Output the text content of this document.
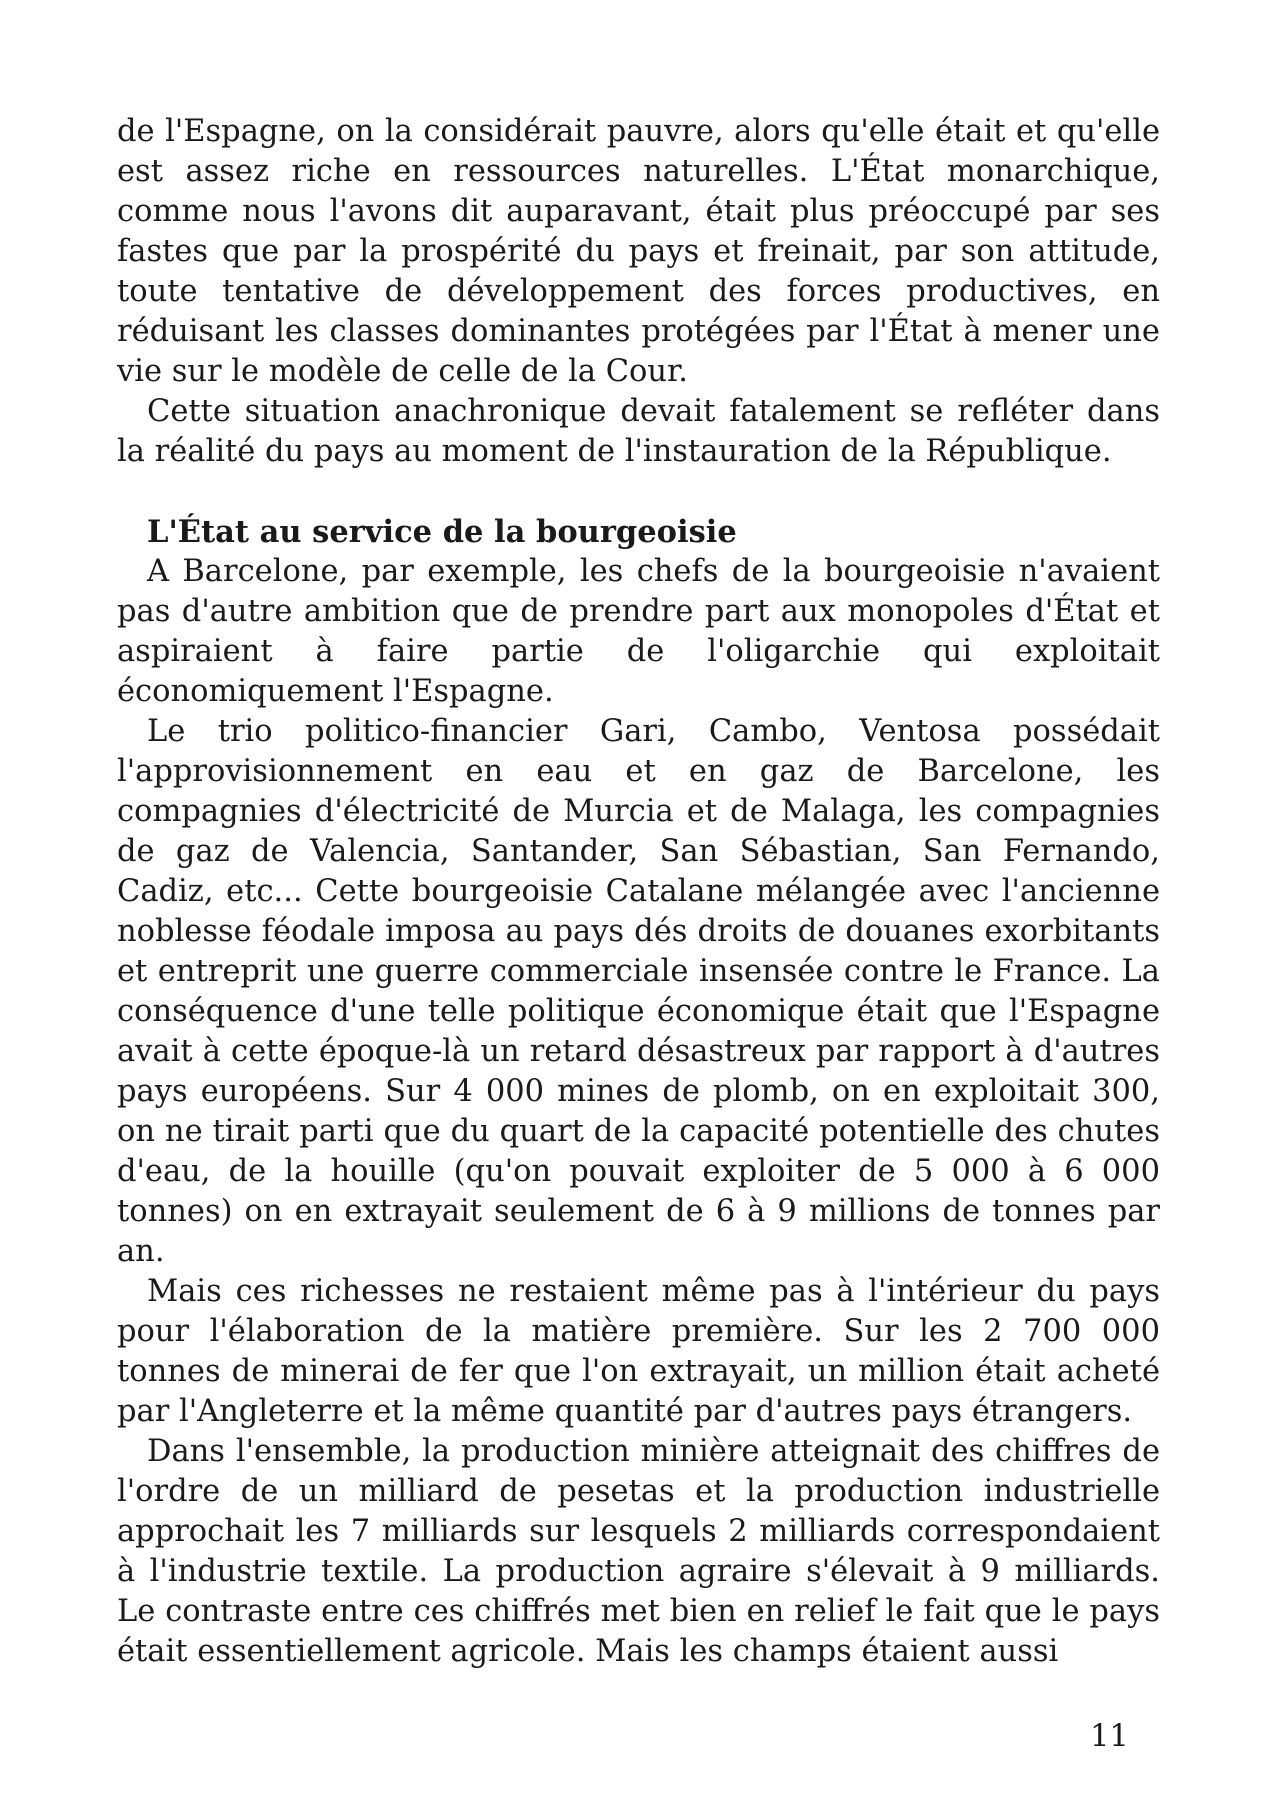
de l'Espagne, on la considérait pauvre, alors qu'elle était et qu'elle est assez riche en ressources naturelles. L'État monarchique, comme nous l'avons dit auparavant, était plus préoccupé par ses fastes que par la prospérité du pays et freinait, par son attitude, toute tentative de développement des forces productives, en réduisant les classes dominantes protégées par l'État à mener une vie sur le modèle de celle de la Cour.

Cette situation anachronique devait fatalement se refléter dans la réalité du pays au moment de l'instauration de la République.

L'État au service de la bourgeoisie

A Barcelone, par exemple, les chefs de la bourgeoisie n'avaient pas d'autre ambition que de prendre part aux monopoles d'État et aspiraient à faire partie de l'oligarchie qui exploitait économiquement l'Espagne.

Le trio politico-financier Gari, Cambo, Ventosa possédait l'approvisionnement en eau et en gaz de Barcelone, les compagnies d'électricité de Murcia et de Malaga, les compagnies de gaz de Valencia, Santander, San Sébastian, San Fernando, Cadiz, etc... Cette bourgeoisie Catalane mélangée avec l'ancienne noblesse féodale imposa au pays dés droits de douanes exorbitants et entreprit une guerre commerciale insensée contre le France. La conséquence d'une telle politique économique était que l'Espagne avait à cette époque-là un retard désastreux par rapport à d'autres pays européens. Sur 4 000 mines de plomb, on en exploitait 300, on ne tirait parti que du quart de la capacité potentielle des chutes d'eau, de la houille (qu'on pouvait exploiter de 5 000 à 6 000 tonnes) on en extrayait seulement de 6 à 9 millions de tonnes par an.

Mais ces richesses ne restaient même pas à l'intérieur du pays pour l'élaboration de la matière première. Sur les 2 700 000 tonnes de minerai de fer que l'on extrayait, un million était acheté par l'Angleterre et la même quantité par d'autres pays étrangers.

Dans l'ensemble, la production minière atteignait des chiffres de l'ordre de un milliard de pesetas et la production industrielle approchait les 7 milliards sur lesquels 2 milliards correspondaient à l'industrie textile. La production agraire s'élevait à 9 milliards. Le contraste entre ces chiffrés met bien en relief le fait que le pays était essentiellement agricole. Mais les champs étaient aussi

11
